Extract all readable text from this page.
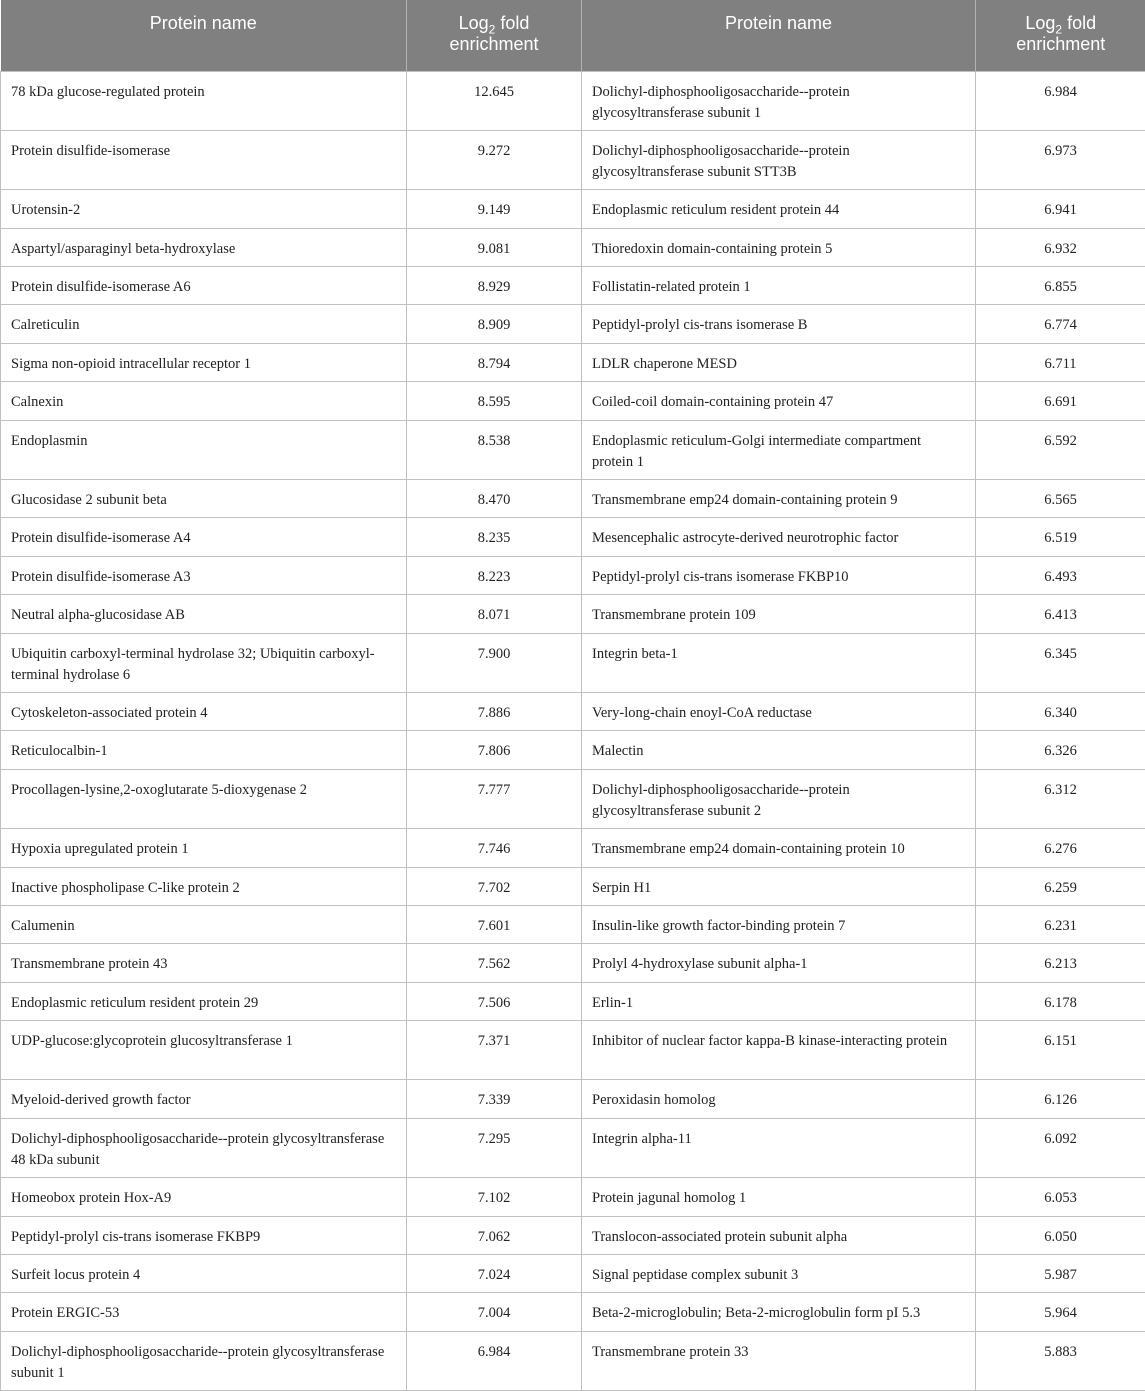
Protein name	Log$_2$ fold enrichment	Protein name	Log$_2$ fold enrichment
78 kDa glucose-regulated protein	12.645	Dolichyl-diphosphooligosaccharide--protein glycosyltransferase subunit 1	6.984
Protein disulfide-isomerase	9.272	Dolichyl-diphosphooligosaccharide--protein glycosyltransferase subunit STT3B	6.973
Urotensin-2	9.149	Endoplasmic reticulum resident protein 44	6.941
Aspartyl/asparaginyl beta-hydroxylase	9.081	Thioredoxin domain-containing protein 5	6.932
Protein disulfide-isomerase A6	8.929	Follistatin-related protein 1	6.855
Calreticulin	8.909	Peptidyl-prolyl cis-trans isomerase B	6.774
Sigma non-opioid intracellular receptor 1	8.794	LDLR chaperone MESD	6.711
Calnexin	8.595	Coiled-coil domain-containing protein 47	6.691
Endoplasmin	8.538	Endoplasmic reticulum-Golgi intermediate compartment protein 1	6.592
Glucosidase 2 subunit beta	8.470	Transmembrane emp24 domain-containing protein 9	6.565
Protein disulfide-isomerase A4	8.235	Mesencephalic astrocyte-derived neurotrophic factor	6.519
Protein disulfide-isomerase A3	8.223	Peptidyl-prolyl cis-trans isomerase FKBP10	6.493
Neutral alpha-glucosidase AB	8.071	Transmembrane protein 109	6.413
Ubiquitin carboxyl-terminal hydrolase 32; Ubiquitin carboxyl-terminal hydrolase 6	7.900	Integrin beta-1	6.345
Cytoskeleton-associated protein 4	7.886	Very-long-chain enoyl-CoA reductase	6.340
Reticulocalbin-1	7.806	Malectin	6.326
Procollagen-lysine,2-oxoglutarate 5-dioxygenase 2	7.777	Dolichyl-diphosphooligosaccharide--protein glycosyltransferase subunit 2	6.312
Hypoxia upregulated protein 1	7.746	Transmembrane emp24 domain-containing protein 10	6.276
Inactive phospholipase C-like protein 2	7.702	Serpin H1	6.259
Calumenin	7.601	Insulin-like growth factor-binding protein 7	6.231
Transmembrane protein 43	7.562	Prolyl 4-hydroxylase subunit alpha-1	6.213
Endoplasmic reticulum resident protein 29	7.506	Erlin-1	6.178
UDP-glucose:glycoprotein glucosyltransferase 1	7.371	Inhibitor of nuclear factor kappa-B kinase-interacting protein	6.151
Myeloid-derived growth factor	7.339	Peroxidasin homolog	6.126
Dolichyl-diphosphooligosaccharide--protein glycosyltransferase 48 kDa subunit	7.295	Integrin alpha-11	6.092
Homeobox protein Hox-A9	7.102	Protein jagunal homolog 1	6.053
Peptidyl-prolyl cis-trans isomerase FKBP9	7.062	Translocon-associated protein subunit alpha	6.050
Surfeit locus protein 4	7.024	Signal peptidase complex subunit 3	5.987
Protein ERGIC-53	7.004	Beta-2-microglobulin; Beta-2-microglobulin form pI 5.3	5.964
Dolichyl-diphosphooligosaccharide--protein glycosyltransferase subunit 1	6.984	Transmembrane protein 33	5.883
